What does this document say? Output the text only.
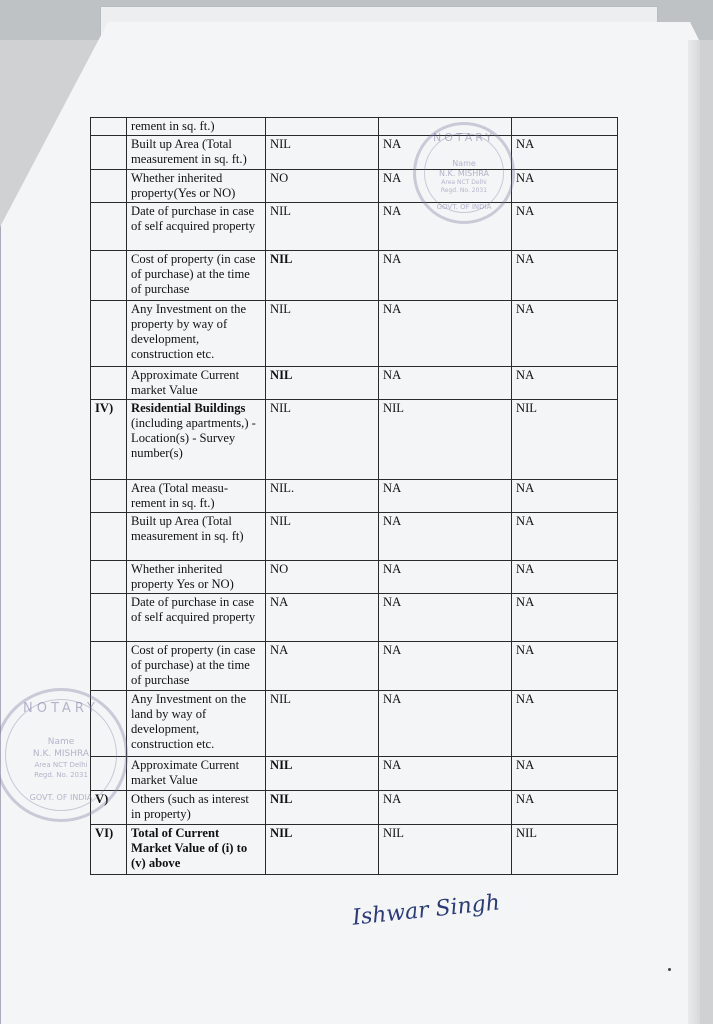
	rement in sq. ft.)			
	Built up Area (Total measurement in sq. ft.)	NIL	NA	NA
	Whether inherited property(Yes or NO)	NO	NA	NA
	Date of purchase in case of self acquired property	NIL	NA	NA
	Cost of property (in case of purchase) at the time of purchase	NIL	NA	NA
	Any Investment on the property by way of development, construction etc.	NIL	NA	NA
	Approximate Current market Value	NIL	NA	NA
IV)	Residential Buildings (including apartments,) -Location(s) - Survey number(s)	NIL	NIL	NIL
	Area (Total measu-rement in sq. ft.)	NIL.	NA	NA
	Built up Area (Total measurement in sq. ft)	NIL	NA	NA
	Whether inherited property Yes or NO)	NO	NA	NA
	Date of purchase in case of self acquired property	NA	NA	NA
	Cost of property (in case of purchase) at the time of purchase	NA	NA	NA
	Any Investment on the land by way of development, construction etc.	NIL	NA	NA
	Approximate Current market Value	NIL	NA	NA
V)	Others (such as interest in property)	NIL	NA	NA
VI)	Total of Current Market Value of (i) to (v) above	NIL	NIL	NIL
NOTARY
Name
N.K. MISHRA
Area NCT Delhi
Regd. No. 2031
GOVT. OF INDIA
NOTARY
Name
N.K. MISHRA
Area NCT Delhi
Regd. No. 2031
GOVT. OF INDIA
Ishwar Singh
